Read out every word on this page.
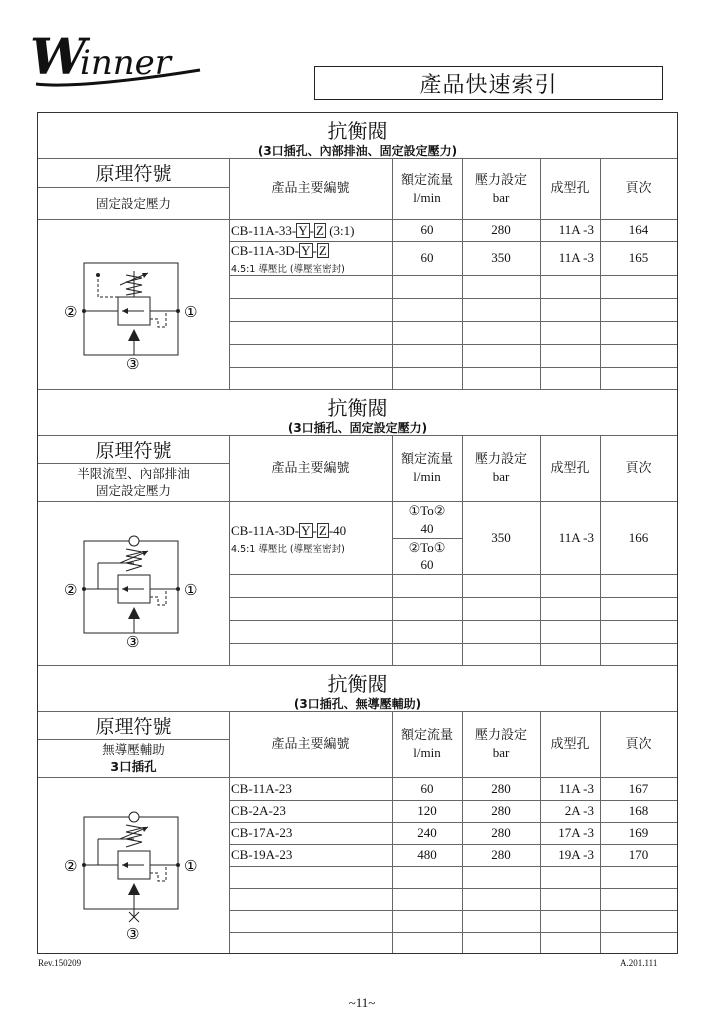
W
inner
產品快速索引
抗衡閥
(3口插孔、內部排油、固定設定壓力)
原理符號
固定設定壓力
產品主要編號
額定流量
l/min
壓力設定
bar
成型孔	頁次
CB-11A-33- Y - Z (3:1)	60	280	11A -3	164
CB-11A-3D- Y - Z
4.5:1 導壓比 (導壓室密封)
60	350	11A -3	165
②	①
③
抗衡閥
(3口插孔、固定設定壓力)
原理符號
半限流型、內部排油
固定設定壓力
產品主要編號
額定流量
l/min
壓力設定
bar
成型孔	頁次
CB-11A-3D- Y - Z -40
4.5:1 導壓比 (導壓室密封)
①To②
40
②To①
60
350	11A -3	166
②	①
③
抗衡閥
(3口插孔、無導壓輔助)
原理符號
無導壓輔助
3口插孔
產品主要編號
額定流量
l/min
壓力設定
bar
成型孔	頁次
CB-11A-23	60	280	11A -3	167
CB-2A-23	120	280	2A -3	168
CB-17A-23	240	280	17A -3	169
CB-19A-23	480	280	19A -3	170
②	①
③
Rev.150209	A.201.111
~11~
